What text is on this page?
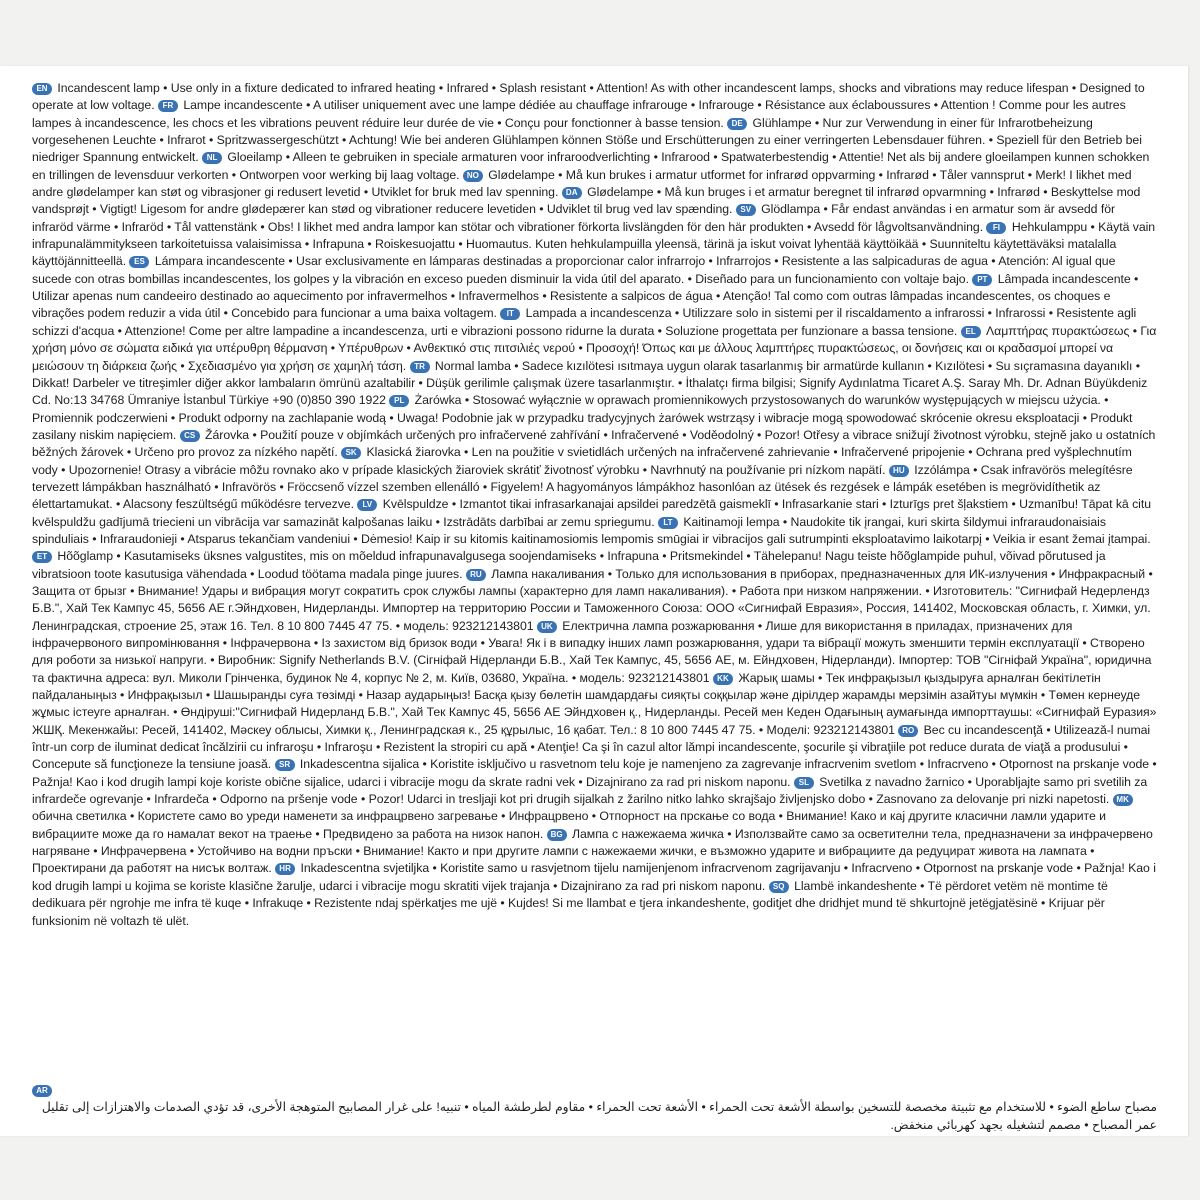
EN Incandescent lamp • Use only in a fixture dedicated to infrared heating • Infrared • Splash resistant • Attention! As with other incandescent lamps, shocks and vibrations may reduce lifespan • Designed to operate at low voltage. FR Lampe incandescente • A utiliser uniquement avec une lampe dédiée au chauffage infrarouge • Infrarouge • Résistance aux éclaboussures • Attention ! Comme pour les autres lampes à incandescence, les chocs et les vibrations peuvent réduire leur durée de vie • Conçu pour fonctionner à basse tension. DE Glühlampe • Nur zur Verwendung in einer für Infrarotbeheizung vorgesehenen Leuchte • Infrarot • Spritzwassergeschützt • Achtung! Wie bei anderen Glühlampen können Stöße und Erschütterungen zu einer verringerten Lebensdauer führen. • Speziell für den Betrieb bei niedriger Spannung entwickelt. NL Gloeilamp • Alleen te gebruiken in speciale armaturen voor infraroodverlichting • Infrarood • Spatwaterbestendig • Attentie! Net als bij andere gloeilampen kunnen schokken en trillingen de levensduur verkorten • Ontworpen voor werking bij laag voltage. NO Glødelampe • Må kun brukes i armatur utformet for infrarød oppvarming • Infrarød • Tåler vannsprut • Merk! I likhet med andre glødelamper kan støt og vibrasjoner gi redusert levetid • Utviklet for bruk med lav spenning. DA Glødelampe • Må kun bruges i et armatur beregnet til infrarød opvarmning • Infrarød • Beskyttelse mod vandsprøjt • Vigtigt! Ligesom for andre glødepærer kan stød og vibrationer reducere levetiden • Udviklet til brug ved lav spænding. SV Glödlampa • Får endast användas i en armatur som är avsedd för infraröd värme • Infraröd • Tål vattenstänk • Obs! I likhet med andra lampor kan stötar och vibrationer förkorta livslängden för den här produkten • Avsedd för lågvoltsanvändning. FI Hehkulamppu • Käytä vain infrapunalämmitykseen tarkoitetuissa valaisimissa • Infrapuna • Roiskesuojattu • Huomautus. Kuten hehkulampuilla yleensä, tärinä ja iskut voivat lyhentää käyttöikää • Suunniteltu käytettäväksi matalalla käyttöjännitteellä. ES Lámpara incandescente • Usar exclusivamente en lámparas destinadas a proporcionar calor infrarrojo • Infrarrojos • Resistente a las salpicaduras de agua • Atención: Al igual que sucede con otras bombillas incandescentes, los golpes y la vibración en exceso pueden disminuir la vida útil del aparato. • Diseñado para un funcionamiento con voltaje bajo. PT Lâmpada incandescente • Utilizar apenas num candeeiro destinado ao aquecimento por infravermelhos • Infravermelhos • Resistente a salpicos de água • Atenção! Tal como com outras lâmpadas incandescentes, os choques e vibrações podem reduzir a vida útil • Concebido para funcionar a uma baixa voltagem. IT Lampada a incandescenza • Utilizzare solo in sistemi per il riscaldamento a infrarossi • Infrarossi • Resistente agli schizzi d'acqua • Attenzione! Come per altre lampadine a incandescenza, urti e vibrazioni possono ridurne la durata • Soluzione progettata per funzionare a bassa tensione. EL Λαμπτήρας πυρακτώσεως • Για χρήση μόνο σε σώματα ειδικά για υπέρυθρη θέρμανση • Υπέρυθρων • Ανθεκτικό στις πιτσιλιές νερού • Προσοχή! Όπως και με άλλους λαμπτήρες πυρακτώσεως, οι δονήσεις και οι κραδασμοί μπορεί να μειώσουν τη διάρκεια ζωής • Σχεδιασμένο για χρήση σε χαμηλή τάση. TR Normal lamba • Sadece kızılötesi ısıtmaya uygun olarak tasarlanmış bir armatürde kullanın • Kızılötesi • Su sıçramasına dayanıklı • Dikkat! Darbeler ve titreşimler diğer akkor lambaların ömrünü azaltabilir • Düşük gerilimle çalışmak üzere tasarlanmıştır. • İthalatçı firma bilgisi; Signify Aydınlatma Ticaret A.Ş. Saray Mh. Dr. Adnan Büyükdeniz Cd. No:13 34768 Ümraniye İstanbul Türkiye +90 (0)850 390 1922 PL Żarówka • Stosować wyłącznie w oprawach promiennikowych przystosowanych do warunków występujących w miejscu użycia. • Promiennik podczerwieni • Produkt odporny na zachlapanie wodą • Uwaga! Podobnie jak w przypadku tradycyjnych żarówek wstrząsy i wibracje mogą spowodować skrócenie okresu eksploatacji • Produkt zasilany niskim napięciem. CS Žárovka • Použití pouze v objímkách určených pro infračervené zahřívání • Infračervené • Voděodolný • Pozor! Otřesy a vibrace snižují životnost výrobku, stejně jako u ostatních běžných žárovek • Určeno pro provoz za nízkého napětí. SK Klasická žiarovka • Len na použitie v svietidlách určených na infračervené zahrievanie • Infračervené pripojenie • Ochrana pred vyšplechnutím vody • Upozornenie! Otrasy a vibrácie môžu rovnako ako v prípade klasických žiaroviek skrátiť životnosť výrobku • Navrhnutý na používanie pri nízkom napätí. HU Izzólámpa • Csak infravörös melegítésre tervezett lámpákban használható • Infravörös • Fröccsenő vízzel szemben ellenálló • Figyelem! A hagyományos lámpákhoz hasonlóan az ütések és rezgések e lámpák esetében is megrövidíthetik az élettartamukat. • Alacsony feszültségű működésre tervezve. LV Kvēlspuldze • Izmantot tikai infrasarkanajai apsildei paredzētā gaismeklī • Infrasarkanie stari • Izturīgs pret šļakstiem • Uzmanību! Tāpat kā citu kvēlspuldžu gadījumā triecieni un vibrācija var samazināt kalpošanas laiku • Izstrādāts darbībai ar zemu spriegumu. LT Kaitinamoji lempa • Naudokite tik įrangai, kuri skirta šildymui infraraudonaisiais spinduliais • Infraraudonieji • Atsparus tekančiam vandeniui • Dėmesio! Kaip ir su kitomis kaitinamosiomis lempomis smūgiai ir vibracijos gali sutrumpinti eksploatavimo laikotarpį • Veikia ir esant žemai įtampai. ET Hõõglamp • Kasutamiseks üksnes valgustites, mis on mõeldud infrapunavalgusega soojendamiseks • Infrapuna • Pritsmekindel • Tähelepanu! Nagu teiste hõõglampide puhul, võivad põrutused ja vibratsioon toote kasutusiga vähendada • Loodud töötama madala pinge juures. RU Лампа накаливания • Только для использования в приборах, предназначенных для ИК-излучения • Инфракрасный • Защита от брызг • Внимание! Удары и вибрация могут сократить срок службы лампы (характерно для ламп накаливания). • Работа при низком напряжении. • Изготовитель: "Сигнифай Недерлендз Б.В.", Хай Тек Кампус 45, 5656 АЕ г.Эйндховен, Нидерланды. Импортер на территорию России и Таможенного Союза: ООО «Сигнифай Евразия», Россия, 141402, Московская область, г. Химки, ул. Ленинградская, строение 25, этаж 16. Тел. 8 10 800 7445 47 75. • модель: 923212143801 UK Електрична лампа розжарювання • Лише для використання в приладах, призначених для інфрачервоного випромінювання • Інфрачервона • Із захистом від бризок води • Увага! Як і в випадку інших ламп розжарювання, удари та вібрації можуть зменшити термін експлуатації • Створено для роботи за низької напруги. • Виробник: Signify Netherlands B.V. (Сігніфай Нідерланди Б.В., Хай Тек Кампус, 45, 5656 AE, м. Ейндховен, Нідерланди). Імпортер: ТОВ "Сігніфай Україна", юридична та фактична адреса: вул. Миколи Грінченка, будинок № 4, корпус № 2, м. Київ, 03680, Україна. • модель: 923212143801 KK Жарық шамы • Тек инфрақызыл қыздыруға арналған бекітілетін пайдаланыңыз • Инфрақызыл • Шашыранды суға төзімді • Назар аударыңыз! Басқа қызу бөлетін шамдардағы сияқты соққылар және дірілдер жарамды мерзімін азайтуы мүмкін • Төмен кернеуде жұмыс істеуге арналған. • Өндіруші:"Сигнифай Нидерланд Б.В.", Хай Тек Кампус 45, 5656 AE Эйндховен қ., Нидерланды. Ресей мен Кеден Одағының аумағында импорттаушы: «Сигнифай Еуразия» ЖШҚ. Мекенжайы: Ресей, 141402, Мәскеу облысы, Химки қ., Ленинградская к., 25 құрылыс, 16 қабат. Тел.: 8 10 800 7445 47 75. • Моделі: 923212143801 RO Bec cu incandescenţă • Utilizează-l numai într-un corp de iluminat dedicat încălzirii cu infraroşu • Infraroşu • Rezistent la stropiri cu apă • Atenţie! Ca şi în cazul altor lămpi incandescente, şocurile şi vibraţiile pot reduce durata de viaţă a produsului • Concepute să funcţioneze la tensiune joasă. SR Inkadescentna sijalica • Koristite isključivo u rasvetnom telu koje je namenjeno za zagrevanje infracrvenim svetlom • Infracrveno • Otpornost na prskanje vode • Pažnja! Kao i kod drugih lampi koje koriste obične sijalice, udarci i vibracije mogu da skrate radni vek • Dizajnirano za rad pri niskom naponu. SL Svetilka z navadno žarnico • Uporabljajte samo pri svetilih za infrardeče ogrevanje • Infrardeča • Odporno na pršenje vode • Pozor! Udarci in tresljaji kot pri drugih sijalkah z žarilno nitko lahko skrajšajo življenjsko dobo • Zasnovano za delovanje pri nizki napetosti. MK обична светилка • Користете само во уреди наменети за инфрацрвено загревање • Инфрацрвено • Отпорност на прскање со вода • Внимание! Како и кај другите класични ламли ударите и вибрациите може да го намалат векот на траење • Предвидено за работа на низок напон. BG Лампа с нажежаема жичка • Използвайте само за осветителни тела, предназначени за инфрачервено нагряване • Инфрачервена • Устойчиво на водни пръски • Внимание! Както и при другите лампи с нажежаеми жички, е възможно ударите и вибрациите да редуцират живота на лампата • Проектирани да работят на нисък волтаж. HR Inkadescentna svjetiljka • Koristite samo u rasvjetnom tijelu namijenjenom infracrvenom zagrijavanju • Infracrveno • Otpornost na prskanje vode • Pažnja! Kao i kod drugih lampi u kojima se koriste klasične žarulje, udarci i vibracije mogu skratiti vijek trajanja • Dizajnirano za rad pri niskom naponu. SQ Llambë inkandeshente • Të përdoret vetëm në montime të dedikuara për ngrohje me infra të kuqe • Infrakuqe • Rezistente ndaj spërkatjes me ujë • Kujdes! Si me llambat e tjera inkandeshente, goditjet dhe dridhjet mund të shkurtojnë jetëgjatësinë • Krijuar për funksionim në voltazh të ulët.
AR
مصباح ساطع الضوء • للاستخدام مع تثبيتة مخصصة للتسخين بواسطة الأشعة تحت الحمراء • الأشعة تحت الحمراء • مقاوم لطرطشة المياه • تنبيه! على غرار المصابيح المتوهجة الأخرى، قد تؤدي الصدمات والاهتزازات إلى تقليل عمر المصباح • مصمم لتشغيله بجهد كهربائي منخفض.
